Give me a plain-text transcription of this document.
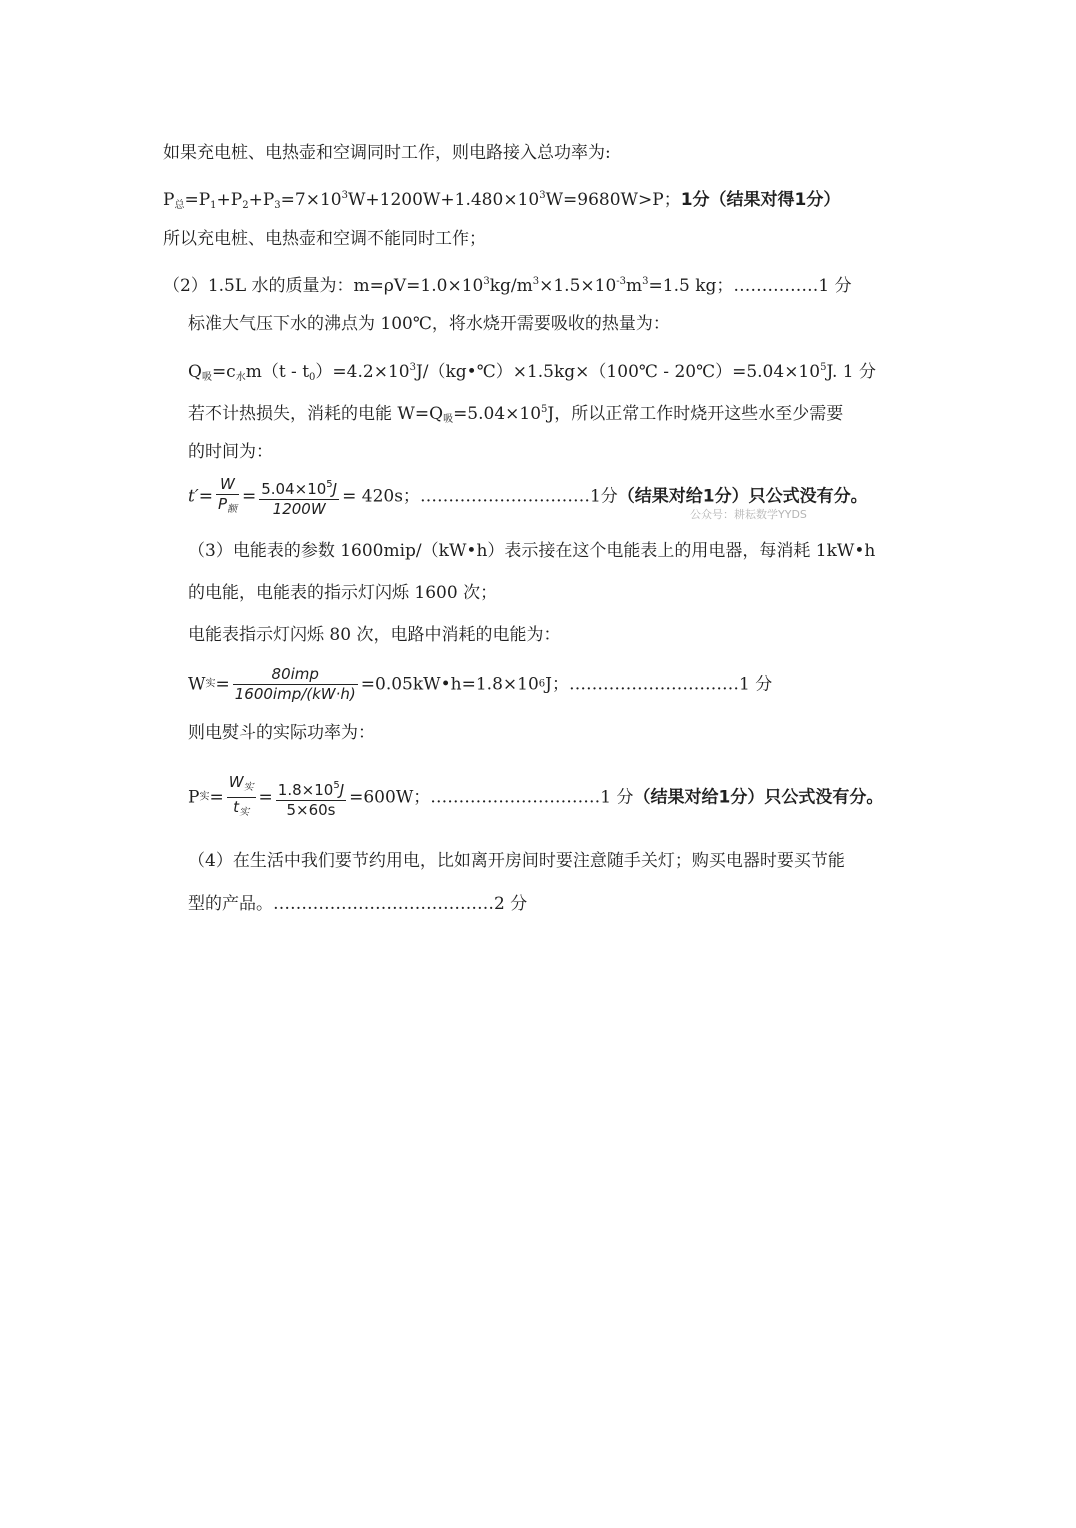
如果充电桩、电热壶和空调同时工作，则电路接入总功率为:
$P_总=P_1+P_2+P_3=7\times 10^3W+1200W+1.480\times 10^3W=9680W>P$；1分（结果对得1分）
所以充电桩、电热壶和空调不能同时工作；
（2）1.5L 水的质量为：$m=\rho V=1.0\times 10^3kg/m^3\times 1.5\times 10^{-3}m^3=1.5$ kg；……………1 分
标准大气压下水的沸点为 100℃，将水烧开需要吸收的热量为：
$Q_吸=c_水m(t$ - $t_0)=4.2\times 10^3J/(kg•℃)\times 1.5kg\times(100℃$ - $20℃)=5.04\times 10^5J$. 1 分
若不计热损失，消耗的电能 $W=Q_吸=5.04\times 10^5J$，所以正常工作时烧开这些水至少需要
的时间为：
$t'= \frac{W}{P_额} = \frac{5.04\times 10^5J}{1200W} = 420s$；…………………………1分（结果对给1分）只公式没有分。
公众号：耕耘数学YYDS
（3）电能表的参数 1600mip/（kW•h）表示接在这个电能表上的用电器，每消耗 1kW•h
的电能，电能表的指示灯闪烁 1600 次；
电能表指示灯闪烁 80 次，电路中消耗的电能为：
W实= $\frac{\text{80imp}}{\text{1600imp/(kW·h)}}$ =0.05kW•h=1.8×106J；…………………………1 分
则电熨斗的实际功率为：
P实= $\frac{W_实}{t_实} = \frac{1.8\times 10^5J}{5\times 60s} =600W$；…………………………1 分（结果对给1分）只公式没有分。
（4）在生活中我们要节约用电，比如离开房间时要注意随手关灯；购买电器时要买节能
型的产品。…………………………………2 分
